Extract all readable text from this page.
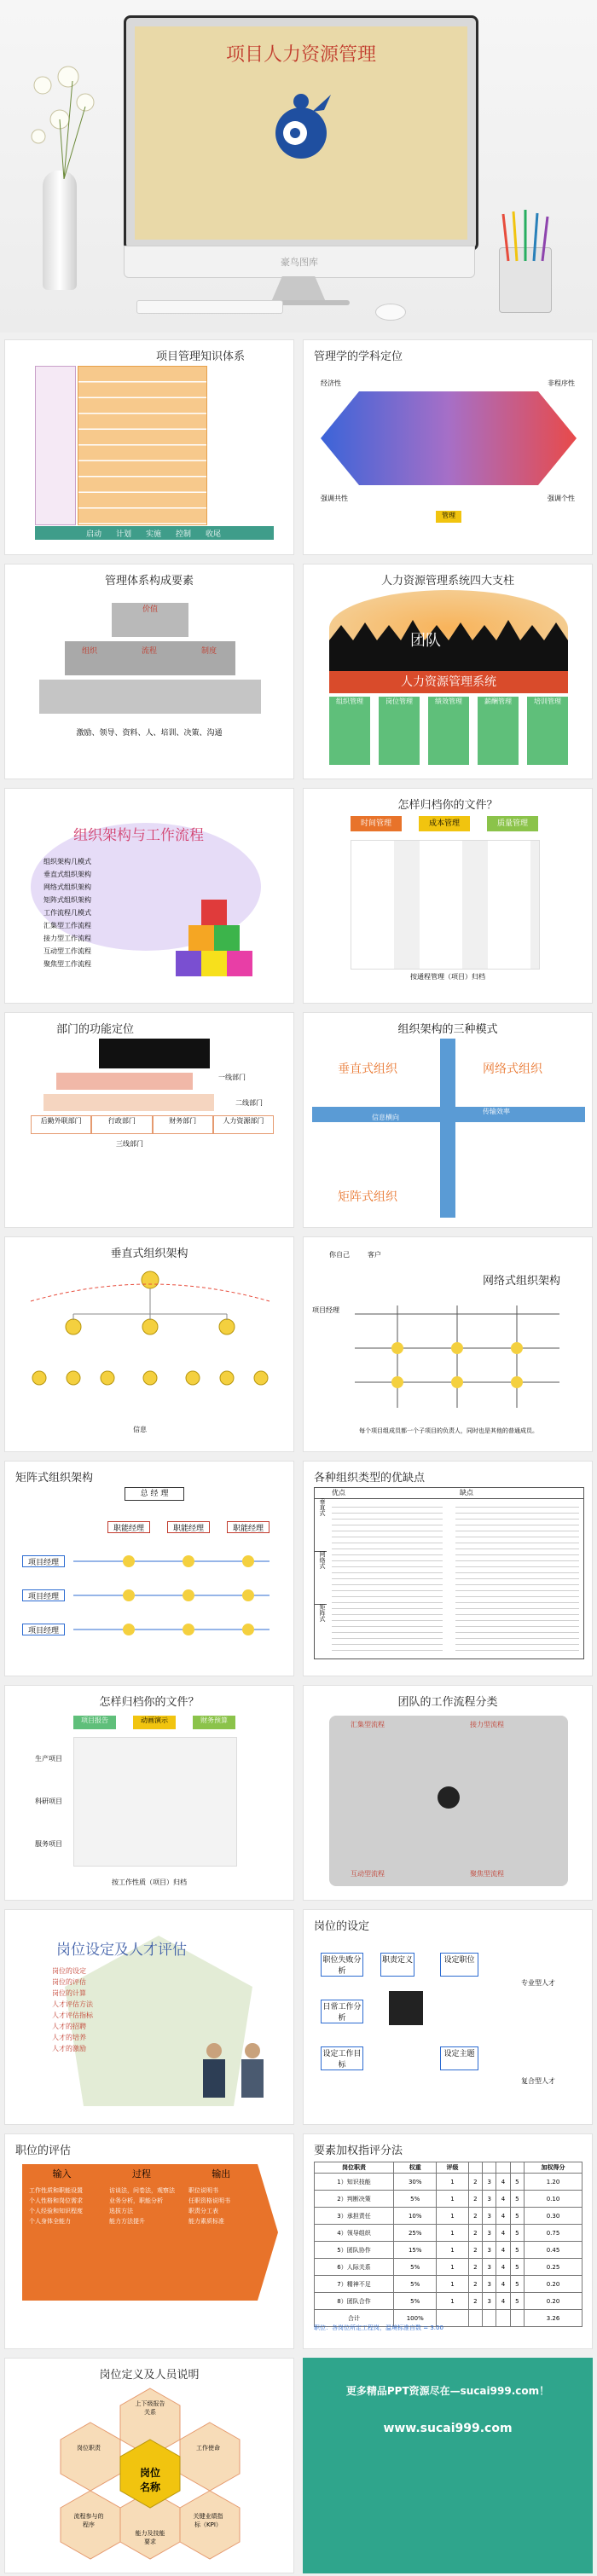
项目人力资源管理
豪鸟图库
项目管理知识体系
启动 计划 实施 控制 收尾
管理学的学科定位
经济性
强调共性
非程序性
强调个性
管理
管理体系构成要素
价值
组织	流程	制度
激励、领导、资料、人、培训、决策、沟通
人力资源管理系统四大支柱
团队
人力资源管理系统
组织管理	岗位管理	绩效管理	薪酬管理	培训管理
组织架构与工作流程
组织架构几模式
垂直式组织架构
网络式组织架构
矩阵式组织架构
工作流程几模式
汇集型工作流程
接力型工作流程
互动型工作流程
聚焦型工作流程
怎样归档你的文件？
时间管理	成本管理	质量管理
按通程管理（项目）归档
部门的功能定位
后勤外联部门	行政部门	财务部门	人力资源部门
一线部门
二线部门
三线部门
组织架构的三种模式
信息横向
传输效率
垂直式组织	网络式组织
矩阵式组织
垂直式组织架构
信息
网络式组织架构
你自己	客户
项目经理
每个项目组成员都一个子项目的负责人，同时也是其他的普通成员。
矩阵式组织架构
总 经 理
职能经理	职能经理	职能经理
项目经理
项目经理
项目经理
各种组织类型的优缺点
优点	缺点
垂直式
网络式
矩阵式
怎样归档你的文件？
项目报告	动画演示	财务预算
生产项目
科研项目
服务项目
按工作性质（项目）归档
团队的工作流程分类
汇集型流程	接力型流程
互动型流程	聚焦型流程
岗位设定及人才评估
岗位的设定
岗位的评估
岗位的计算
人才评估方法
人才评估指标
人才的招聘
人才的培养
人才的激励
岗位的设定
职位失败分析
职责定义	设定职位
日常工作分析
设定工作目标
设定主题
专业型人才
复合型人才
职位的评估
输入	过程	输出
工作性质和职能设置
个人性格和岗位需求
个人经验和知识程度
个人身体全能力
访谈法，问卷法，观察法
业务分析，职能分析
选拔方法
能力方法提升
职位说明书
任职资格说明书
职责分工表
能力素质标准
要素加权指评分法
岗位职责	权重	评级					加权得分
1）知识技能	30%	1	2	3	4	5	1.20
2）判断决策	5%	1	2	3	4	5	0.10
3）承担责任	10%	1	2	3	4	5	0.30
4）领导组织	25%	1	2	3	4	5	0.75
5）团队协作	15%	1	2	3	4	5	0.45
6）人际关系	5%	1	2	3	4	5	0.25
7）精神不足	5%	1	2	3	4	5	0.20
8）团队合作	5%	1	2	3	4	5	0.20
合计	100%						3.26
职位：各岗位所定工程岗，温境标准自数 = 3.00
岗位定义及人员说明
岗位 名称
上下级报告关系
工作使命
关键业绩指标（KPI）
能力及技能要求
流程参与的程序
岗位职责
更多精品PPT资源尽在—sucai999.com！
www.sucai999.com
